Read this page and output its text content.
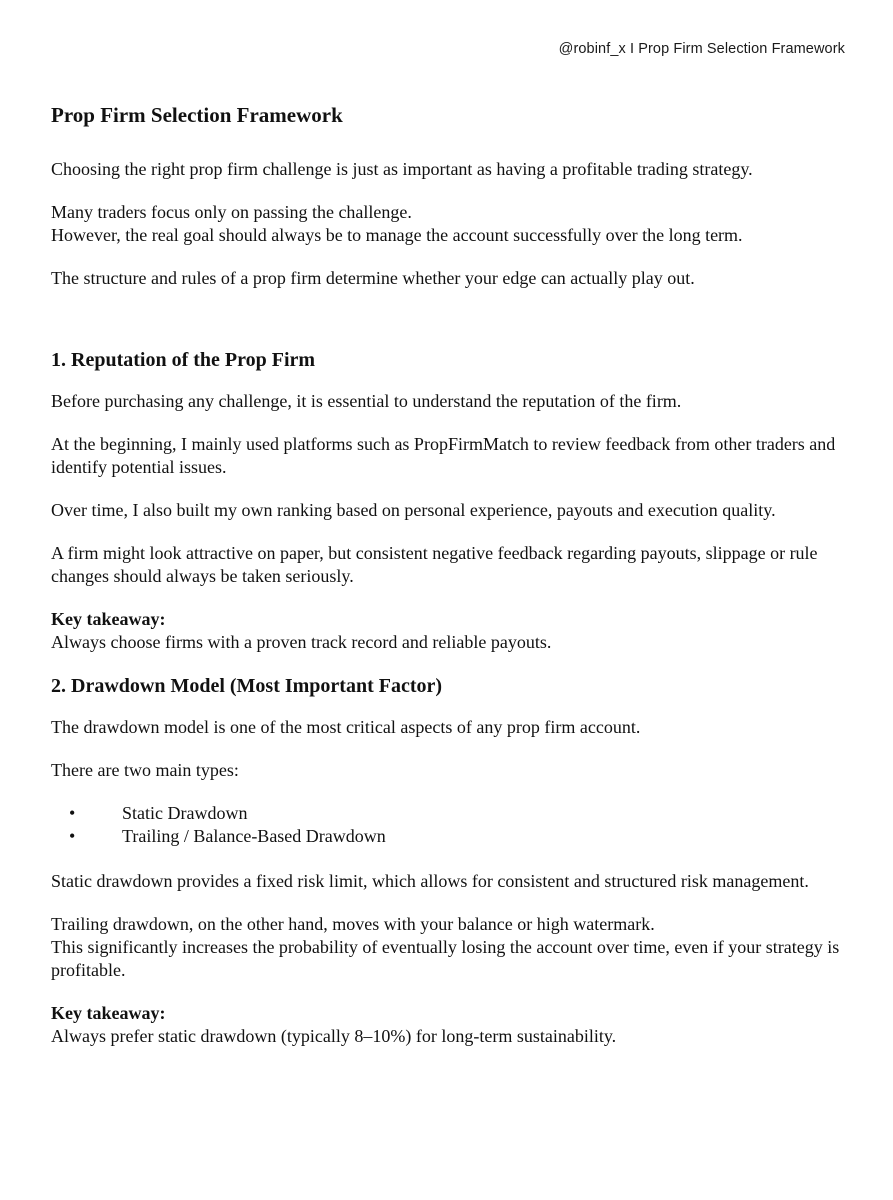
@robinf_x I Prop Firm Selection Framework
Prop Firm Selection Framework

Choosing the right prop firm challenge is just as important as having a profitable trading strategy.

Many traders focus only on passing the challenge.
However, the real goal should always be to manage the account successfully over the long term.

The structure and rules of a prop firm determine whether your edge can actually play out.

1. Reputation of the Prop Firm

Before purchasing any challenge, it is essential to understand the reputation of the firm.

At the beginning, I mainly used platforms such as PropFirmMatch to review feedback from other traders and identify potential issues.

Over time, I also built my own ranking based on personal experience, payouts and execution quality.

A firm might look attractive on paper, but consistent negative feedback regarding payouts, slippage or rule changes should always be taken seriously.

Key takeaway:
Always choose firms with a proven track record and reliable payouts.

2. Drawdown Model (Most Important Factor)

The drawdown model is one of the most critical aspects of any prop firm account.

There are two main types:

•	Static Drawdown
•	Trailing / Balance-Based Drawdown

Static drawdown provides a fixed risk limit, which allows for consistent and structured risk management.

Trailing drawdown, on the other hand, moves with your balance or high watermark.
This significantly increases the probability of eventually losing the account over time, even if your strategy is profitable.

Key takeaway:
Always prefer static drawdown (typically 8–10%) for long-term sustainability.
